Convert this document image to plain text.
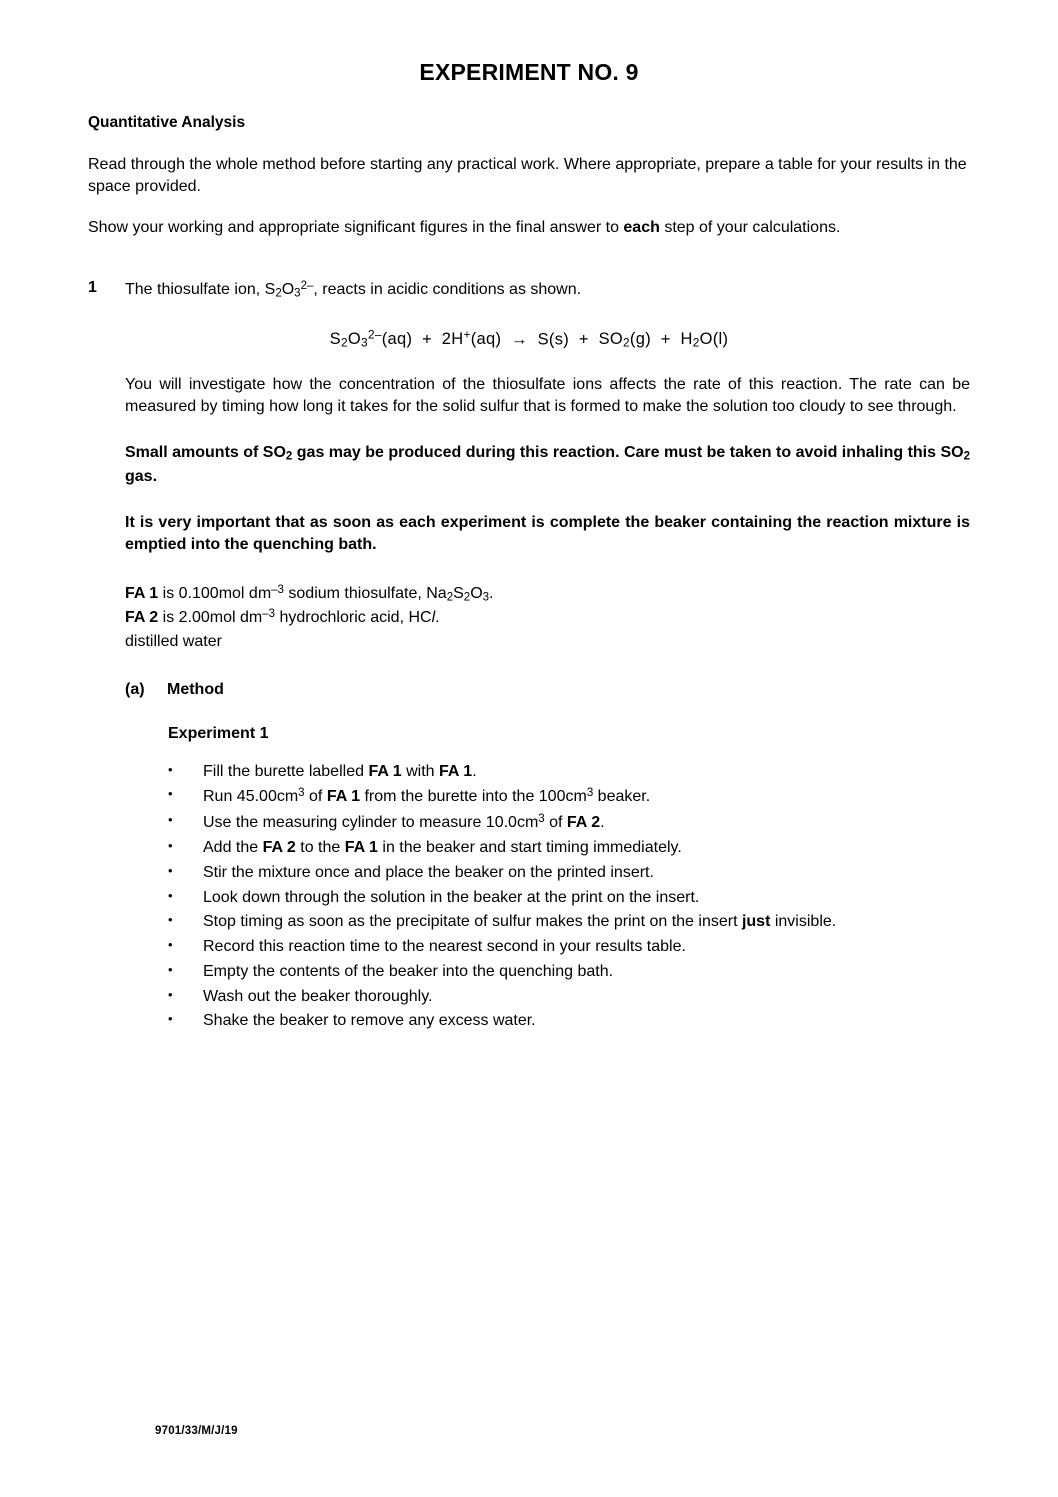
EXPERIMENT NO. 9
Quantitative Analysis

Read through the whole method before starting any practical work. Where appropriate, prepare a table for your results in the space provided.

Show your working and appropriate significant figures in the final answer to each step of your calculations.

1	The thiosulfate ion, $S_2O_3^{2-}$, reacts in acidic conditions as shown.
$S_2O_3^{2-}(aq) + 2H^+(aq) \to S(s) + SO_2(g) + H_2O(l)$

You will investigate how the concentration of the thiosulfate ions affects the rate of this reaction. The rate can be measured by timing how long it takes for the solid sulfur that is formed to make the solution too cloudy to see through.

Small amounts of $SO_2$ gas may be produced during this reaction. Care must be taken to avoid inhaling this $SO_2$ gas.

It is very important that as soon as each experiment is complete the beaker containing the reaction mixture is emptied into the quenching bath.

FA 1 is 0.100mol $dm^{-3}$ sodium thiosulfate, $Na_2S_2O_3$.
FA 2 is 2.00mol $dm^{-3}$ hydrochloric acid, HCl.
distilled water
(a) Method
Experiment 1
• Fill the burette labelled FA 1 with FA 1.
• Run $45.00cm^3$ of FA 1 from the burette into the $100cm^3$ beaker.
• Use the measuring cylinder to measure $10.0cm^3$ of FA 2.
• Add the FA 2 to the FA 1 in the beaker and start timing immediately.
• Stir the mixture once and place the beaker on the printed insert.
• Look down through the solution in the beaker at the print on the insert.
• Stop timing as soon as the precipitate of sulfur makes the print on the insert just invisible.
• Record this reaction time to the nearest second in your results table.
• Empty the contents of the beaker into the quenching bath.
• Wash out the beaker thoroughly.
• Shake the beaker to remove any excess water.
9701/33/M/J/19
